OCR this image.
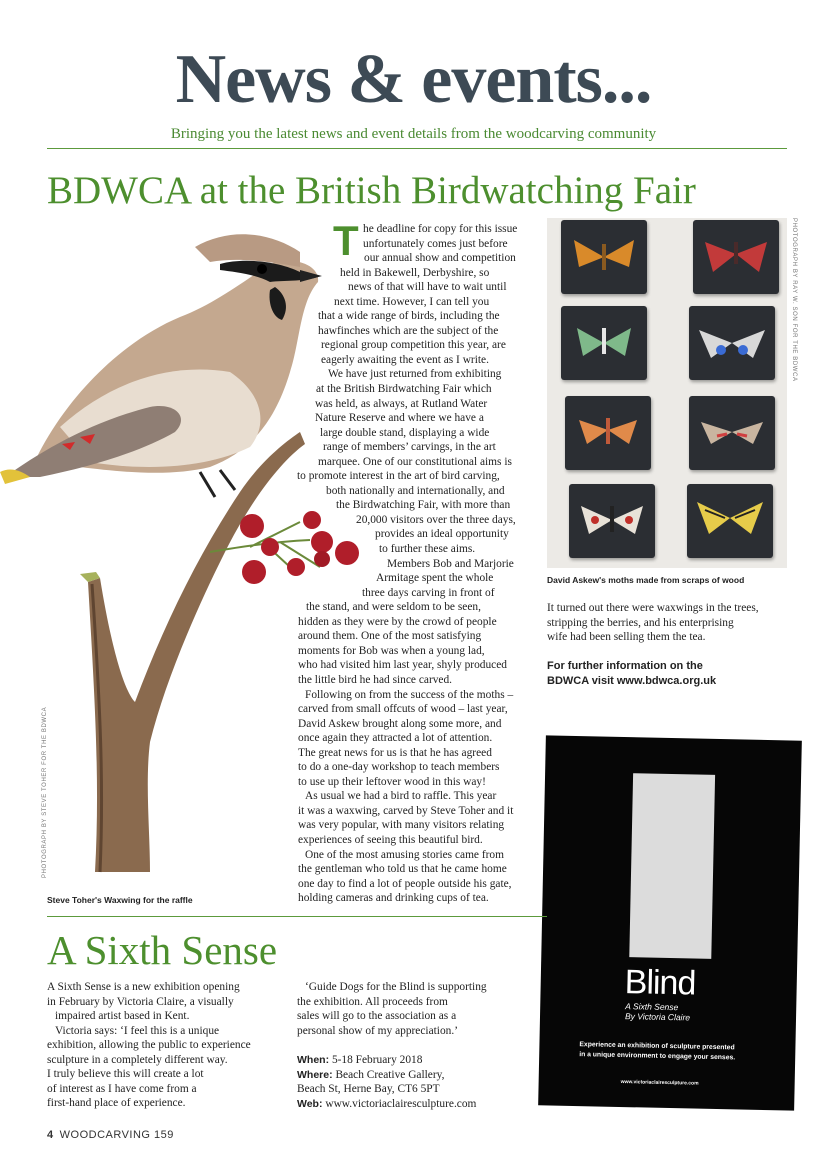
News & events...
Bringing you the latest news and event details from the woodcarving community
BDWCA at the British Birdwatching Fair
PHOTOGRAPH BY STEVE TOHER FOR THE BDWCA
Steve Toher's Waxwing for the raffle
T he deadline for copy for this issue
unfortunately comes just before
our annual show and competition
held in Bakewell, Derbyshire, so
news of that will have to wait until
next time. However, I can tell you
that a wide range of birds, including the
hawfinches which are the subject of the
regional group competition this year, are
eagerly awaiting the event as I write.
We have just returned from exhibiting
at the British Birdwatching Fair which
was held, as always, at Rutland Water
Nature Reserve and where we have a
large double stand, displaying a wide
range of members’ carvings, in the art
marquee. One of our constitutional aims is
to promote interest in the art of bird carving,
both nationally and internationally, and
the Birdwatching Fair, with more than
20,000 visitors over the three days,
provides an ideal opportunity
to further these aims.
Members Bob and Marjorie
Armitage spent the whole
three days carving in front of
the stand, and were seldom to be seen,
hidden as they were by the crowd of people
around them. One of the most satisfying
moments for Bob was when a young lad,
who had visited him last year, shyly produced
the little bird he had since carved.
Following on from the success of the moths –
carved from small offcuts of wood – last year,
David Askew brought along some more, and
once again they attracted a lot of attention.
The great news for us is that he has agreed
to do a one-day workshop to teach members
to use up their leftover wood in this way!
As usual we had a bird to raffle. This year
it was a waxwing, carved by Steve Toher and it
was very popular, with many visitors relating
experiences of seeing this beautiful bird.
One of the most amusing stories came from
the gentleman who told us that he came home
one day to find a lot of people outside his gate,
holding cameras and drinking cups of tea.
PHOTOGRAPH BY RAY W. SON FOR THE BDWCA
David Askew's moths made from scraps of wood
It turned out there were waxwings in the trees,
stripping the berries, and his enterprising
wife had been selling them the tea.
For further information on the
BDWCA visit www.bdwca.org.uk
Blind
A Sixth Sense
By Victoria Claire
Experience an exhibition of sculpture presented
in a unique environment to engage your senses.
www.victoriaclairesculpture.com
A Sixth Sense
A Sixth Sense is a new exhibition opening
in February by Victoria Claire, a visually
impaired artist based in Kent.
Victoria says: ‘I feel this is a unique
exhibition, allowing the public to experience
sculpture in a completely different way.
I truly believe this will create a lot
of interest as I have come from a
first-hand place of experience.
‘Guide Dogs for the Blind is supporting
the exhibition. All proceeds from
sales will go to the association as a
personal show of my appreciation.’
When: 5-18 February 2018
Where: Beach Creative Gallery,
Beach St, Herne Bay, CT6 5PT
Web: www.victoriaclairesculpture.com
4 WOODCARVING 159
